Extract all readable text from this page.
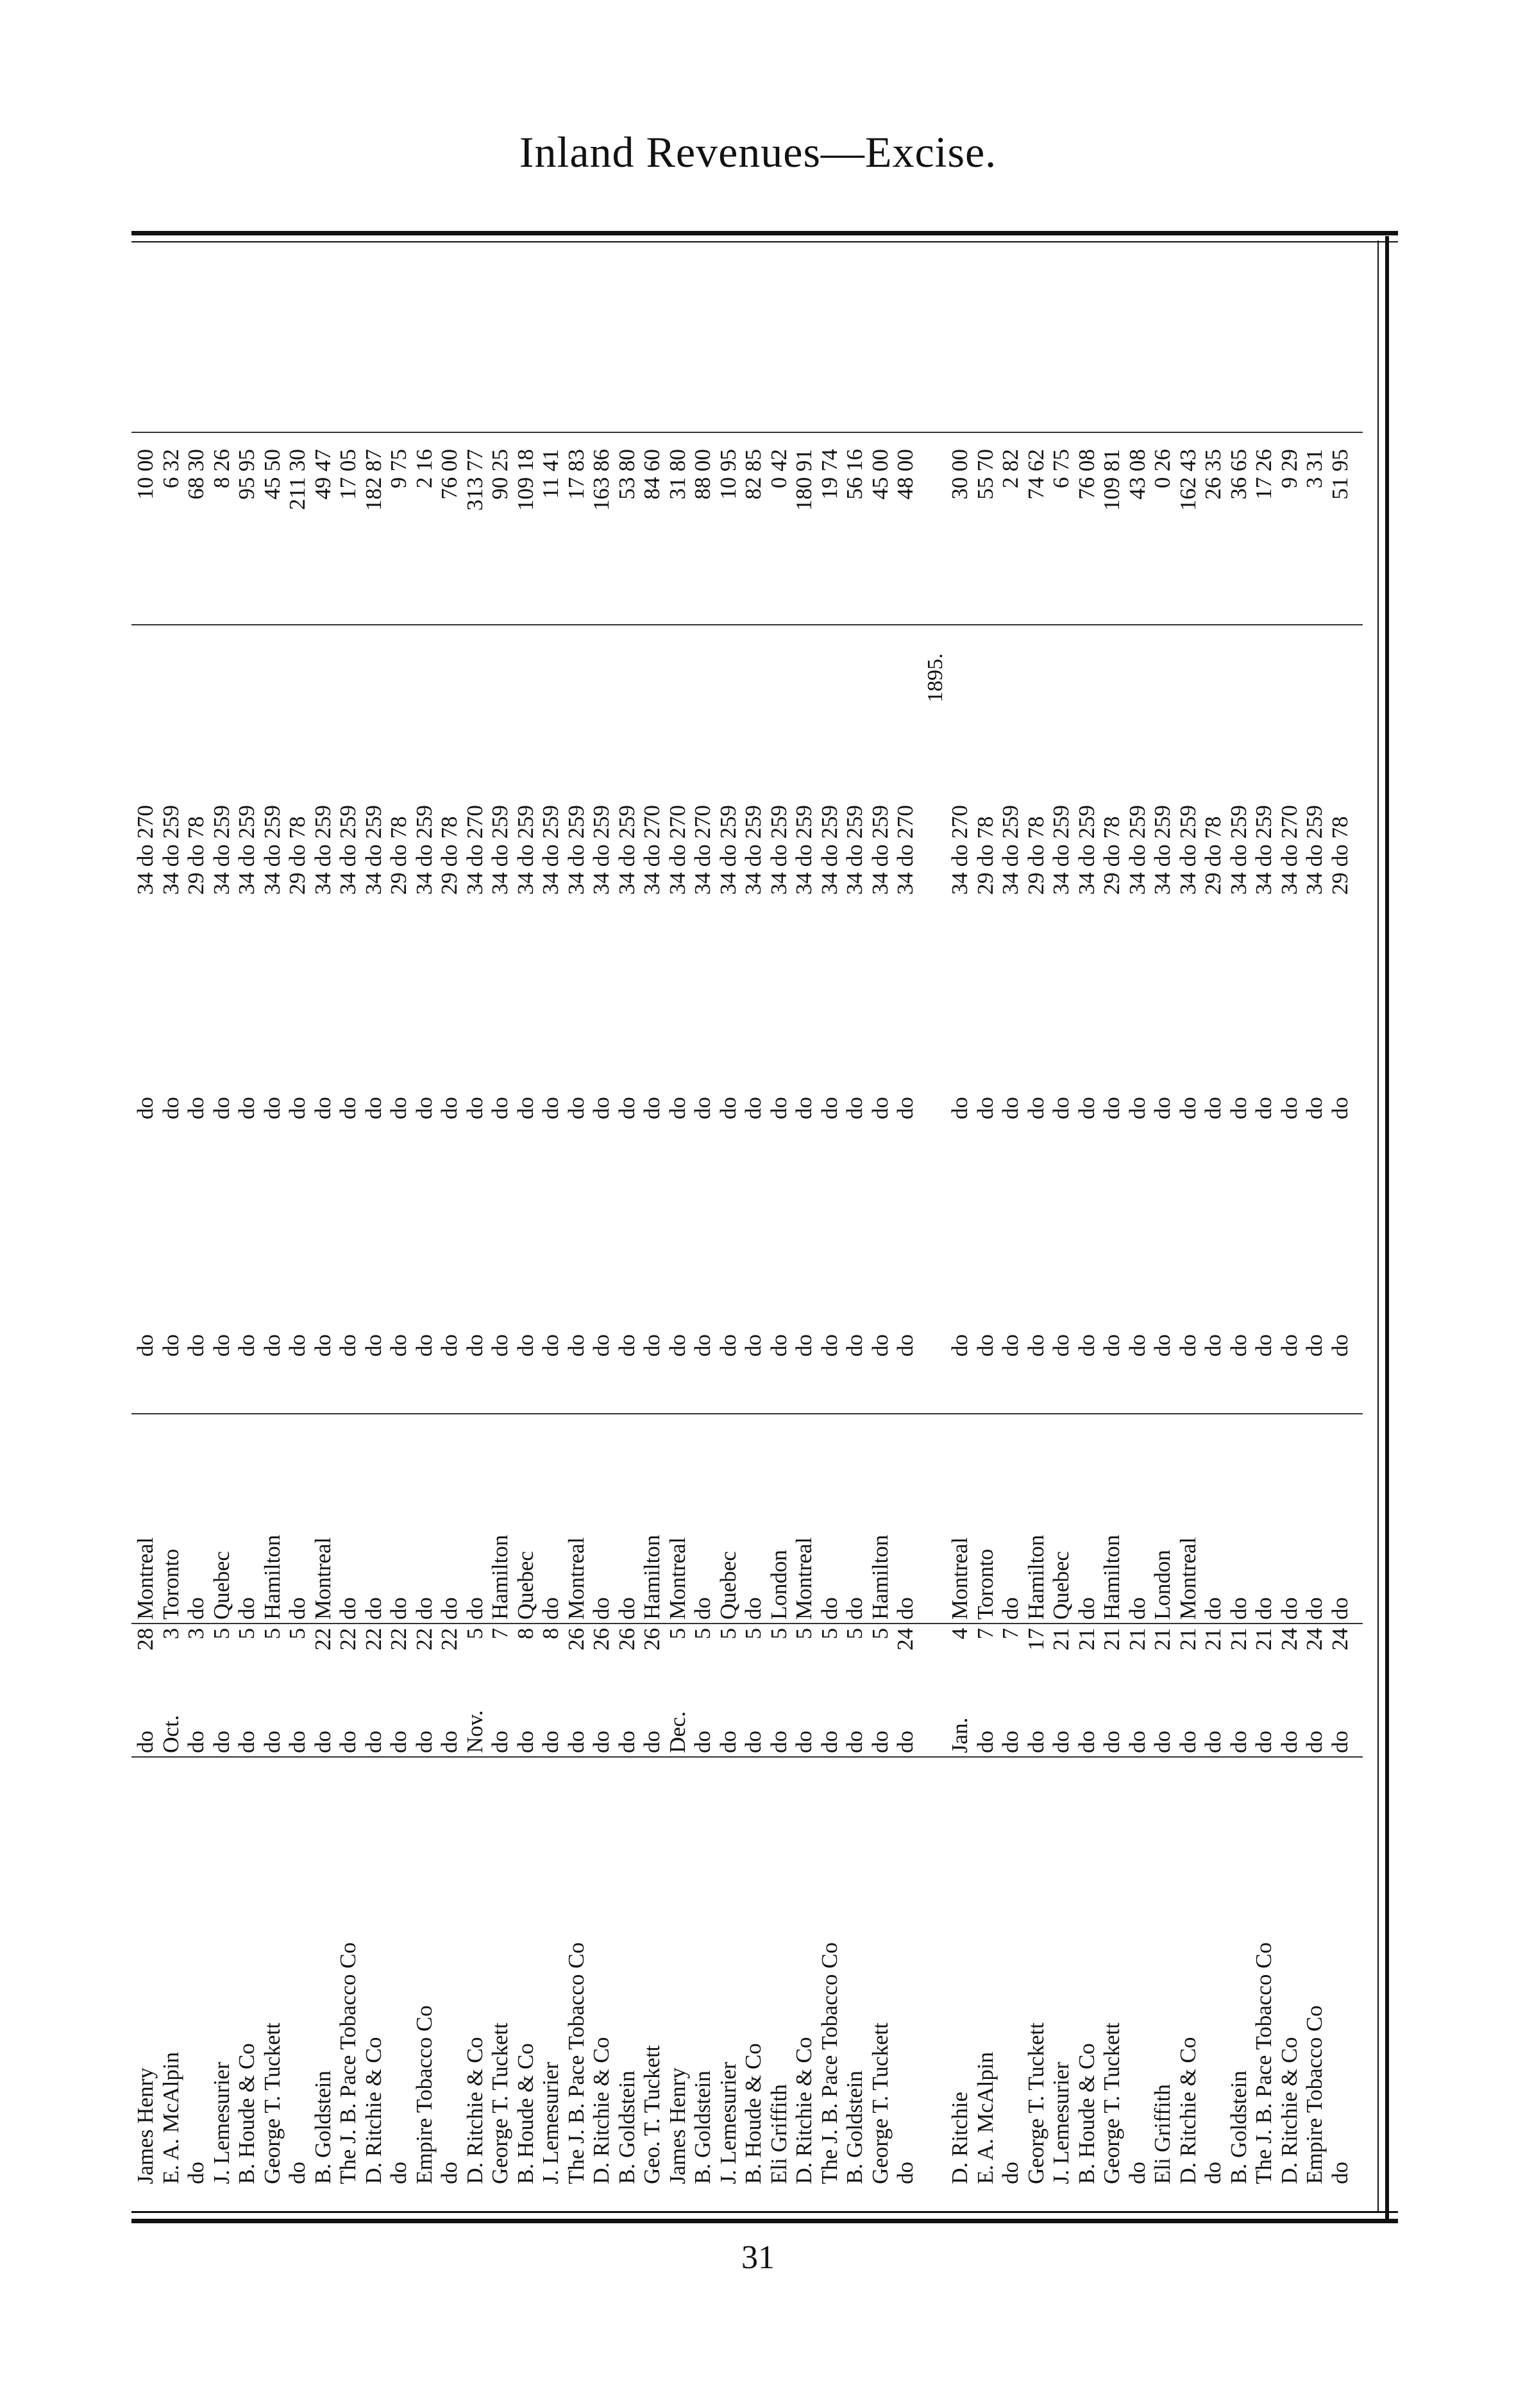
Inland Revenues—Excise.
James Henry
do
28
Montreal
do
do
34 do 270
10 00
E. A. McAlpin
Oct.
3
Toronto
do
do
34 do 259
6 32
do
do
3
do
do
do
29 do 78
68 30
J. Lemesurier
do
5
Quebec
do
do
34 do 259
8 26
B. Houde & Co
do
5
do
do
do
34 do 259
95 95
George T. Tuckett
do
5
Hamilton
do
do
34 do 259
45 50
do
do
5
do
do
do
29 do 78
211 30
B. Goldstein
do
22
Montreal
do
do
34 do 259
49 47
The J. B. Pace Tobacco Co
do
22
do
do
do
34 do 259
17 05
D. Ritchie & Co
do
22
do
do
do
34 do 259
182 87
do
do
22
do
do
do
29 do 78
9 75
Empire Tobacco Co
do
22
do
do
do
34 do 259
2 16
do
do
22
do
do
do
29 do 78
76 00
D. Ritchie & Co
Nov.
5
do
do
do
34 do 270
313 77
George T. Tuckett
do
7
Hamilton
do
do
34 do 259
90 25
B. Houde & Co
do
8
Quebec
do
do
34 do 259
109 18
J. Lemesurier
do
8
do
do
do
34 do 259
11 41
The J. B. Pace Tobacco Co
do
26
Montreal
do
do
34 do 259
17 83
D. Ritchie & Co
do
26
do
do
do
34 do 259
163 86
B. Goldstein
do
26
do
do
do
34 do 259
53 80
Geo. T. Tuckett
do
26
Hamilton
do
do
34 do 270
84 60
James Henry
Dec.
5
Montreal
do
do
34 do 270
31 80
B. Goldstein
do
5
do
do
do
34 do 270
88 00
J. Lemesurier
do
5
Quebec
do
do
34 do 259
10 95
B. Houde & Co
do
5
do
do
do
34 do 259
82 85
Eli Griffith
do
5
London
do
do
34 do 259
0 42
D. Ritchie & Co
do
5
Montreal
do
do
34 do 259
180 91
The J. B. Pace Tobacco Co
do
5
do
do
do
34 do 259
19 74
B. Goldstein
do
5
do
do
do
34 do 259
56 16
George T. Tuckett
do
5
Hamilton
do
do
34 do 259
45 00
do
do
24
do
do
do
34 do 270
48 00
1895.
D. Ritchie
Jan.
4
Montreal
do
do
34 do 270
30 00
E. A. McAlpin
do
7
Toronto
do
do
29 do 78
55 70
do
do
7
do
do
do
34 do 259
2 82
George T. Tuckett
do
17
Hamilton
do
do
29 do 78
74 62
J. Lemesurier
do
21
Quebec
do
do
34 do 259
6 75
B. Houde & Co
do
21
do
do
do
34 do 259
76 08
George T. Tuckett
do
21
Hamilton
do
do
29 do 78
109 81
do
do
21
do
do
do
34 do 259
43 08
Eli Griffith
do
21
London
do
do
34 do 259
0 26
D. Ritchie & Co
do
21
Montreal
do
do
34 do 259
162 43
do
do
21
do
do
do
29 do 78
26 35
B. Goldstein
do
21
do
do
do
34 do 259
36 65
The J. B. Pace Tobacco Co
do
21
do
do
do
34 do 259
17 26
D. Ritchie & Co
do
24
do
do
do
34 do 270
9 29
Empire Tobacco Co
do
24
do
do
do
34 do 259
3 31
do
do
24
do
do
do
29 do 78
51 95
31
